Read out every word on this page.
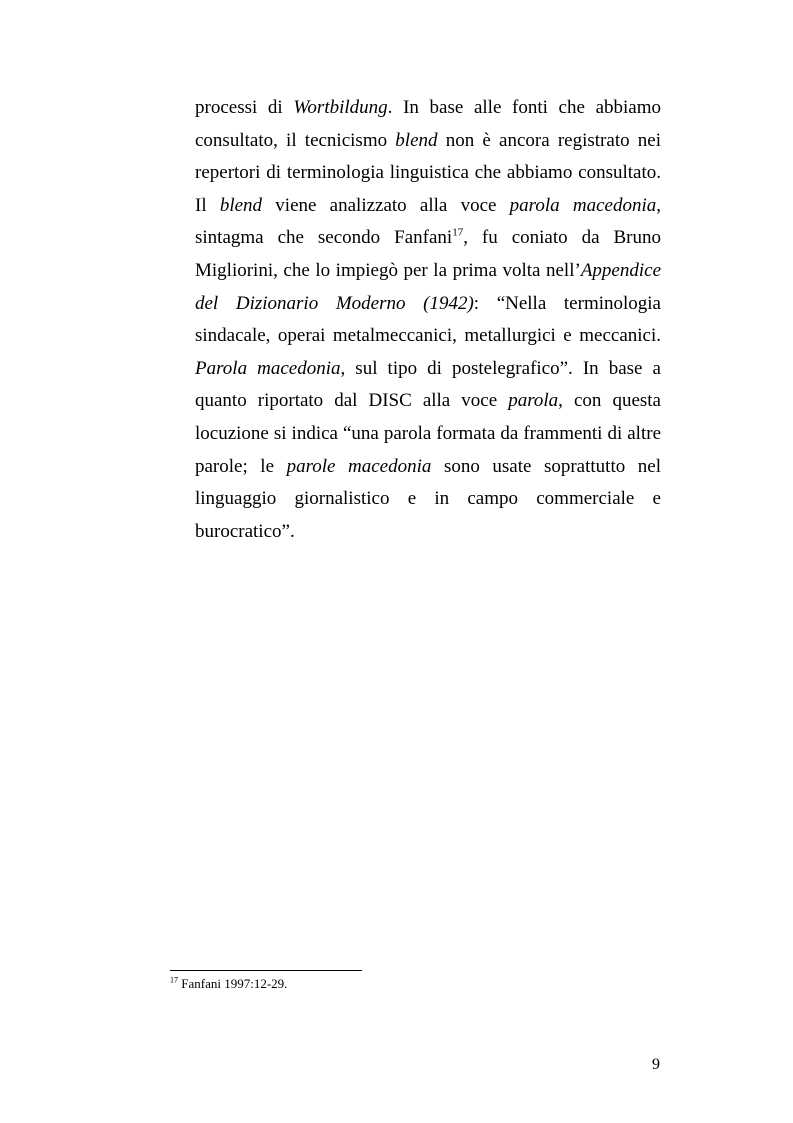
processi di Wortbildung. In base alle fonti che abbiamo
consultato, il tecnicismo blend non è ancora registrato nei
repertori di terminologia linguistica che abbiamo consultato.
Il blend viene analizzato alla voce parola macedonia,
sintagma che secondo Fanfani$^{17}$, fu coniato da Bruno
Migliorini, che lo impiegò per la prima volta nell’Appendice
del Dizionario Moderno (1942): “Nella terminologia
sindacale, operai metalmeccanici, metallurgici e meccanici.
Parola macedonia, sul tipo di postelegrafico”. In base a
quanto riportato dal DISC alla voce parola, con questa
locuzione si indica “una parola formata da frammenti di altre
parole; le parole macedonia sono usate soprattutto nel
linguaggio giornalistico e in campo commerciale e
burocratico”.
$^{17}$ Fanfani 1997:12-29.
9
